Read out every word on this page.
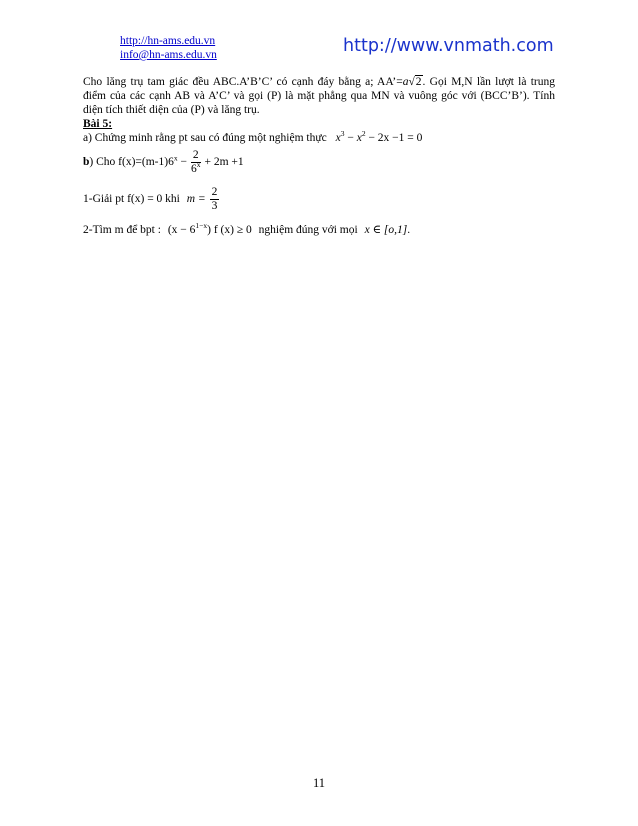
http://hn-ams.edu.vn
info@hn-ams.edu.vn	http://www.vnmath.com

Cho lăng trụ tam giác đều ABC.A’B’C’ có cạnh đáy bằng a; AA’=a√2. Gọi M,N lần lượt là trung điểm của các cạnh AB và A’C’ và gọi (P) là mặt phẳng qua MN và vuông góc với (BCC’B’). Tính diện tích thiết diện của (P) và lăng trụ.

Bài 5:
a) Chứng minh rằng pt sau có đúng một nghiệm thực $x^3 - x^2 - 2x -1 = 0$
b) Cho $f(x)=(m-1)6^x - \frac{2}{6^x} + 2m +1$
1-Giải pt f(x) = 0 khi $m = \frac{2}{3}$
2-Tìm m để bpt : $(x - 6^{1-x})$ f (x) ≥ 0 nghiệm đúng với mọi x ∈ [o,1].
11
